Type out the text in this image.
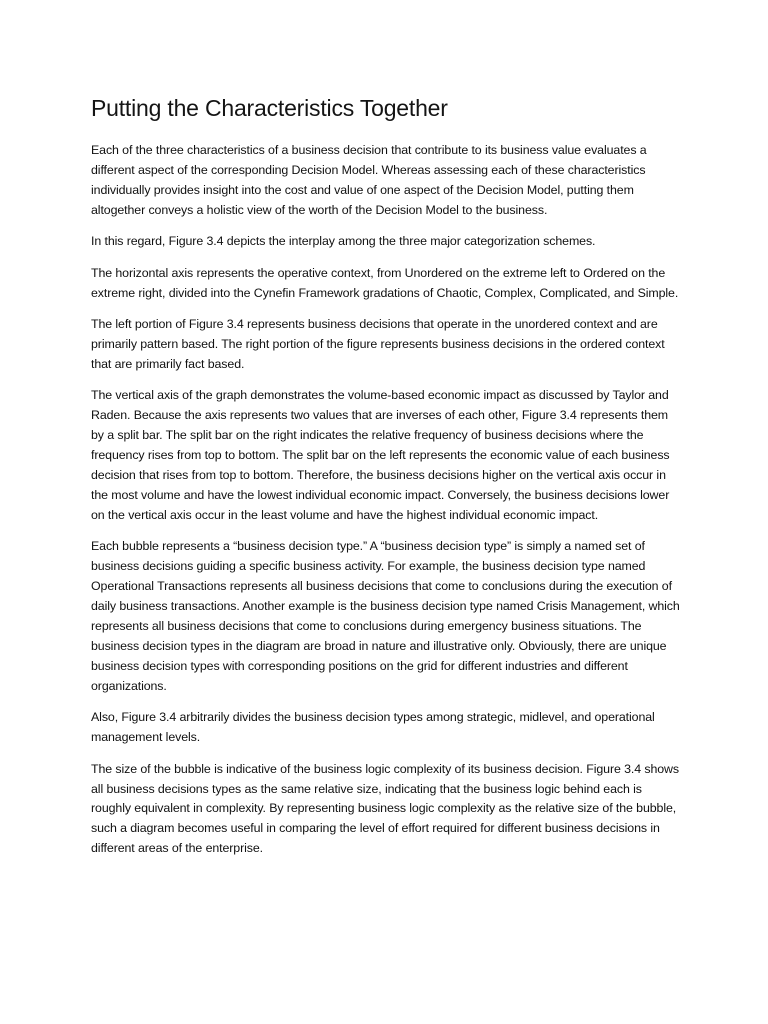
Putting the Characteristics Together

Each of the three characteristics of a business decision that contribute to its business value evaluates a different aspect of the corresponding Decision Model. Whereas assessing each of these characteristics individually provides insight into the cost and value of one aspect of the Decision Model, putting them altogether conveys a holistic view of the worth of the Decision Model to the business.

In this regard, Figure 3.4 depicts the interplay among the three major categorization schemes.

The horizontal axis represents the operative context, from Unordered on the extreme left to Ordered on the extreme right, divided into the Cynefin Framework gradations of Chaotic, Complex, Complicated, and Simple.

The left portion of Figure 3.4 represents business decisions that operate in the unordered context and are primarily pattern based. The right portion of the figure represents business decisions in the ordered context that are primarily fact based.

The vertical axis of the graph demonstrates the volume-based economic impact as discussed by Taylor and Raden. Because the axis represents two values that are inverses of each other, Figure 3.4 represents them by a split bar. The split bar on the right indicates the relative frequency of business decisions where the frequency rises from top to bottom. The split bar on the left represents the economic value of each business decision that rises from top to bottom. Therefore, the business decisions higher on the vertical axis occur in the most volume and have the lowest individual economic impact. Conversely, the business decisions lower on the vertical axis occur in the least volume and have the highest individual economic impact.

Each bubble represents a “business decision type.” A “business decision type” is simply a named set of business decisions guiding a specific business activity. For example, the business decision type named Operational Transactions represents all business decisions that come to conclusions during the execution of daily business transactions. Another example is the business decision type named Crisis Management, which represents all business decisions that come to conclusions during emergency business situations. The business decision types in the diagram are broad in nature and illustrative only. Obviously, there are unique business decision types with corresponding positions on the grid for different industries and different organizations.

Also, Figure 3.4 arbitrarily divides the business decision types among strategic, midlevel, and operational management levels.

The size of the bubble is indicative of the business logic complexity of its business decision. Figure 3.4 shows all business decisions types as the same relative size, indicating that the business logic behind each is roughly equivalent in complexity. By representing business logic complexity as the relative size of the bubble, such a diagram becomes useful in comparing the level of effort required for different business decisions in different areas of the enterprise.
